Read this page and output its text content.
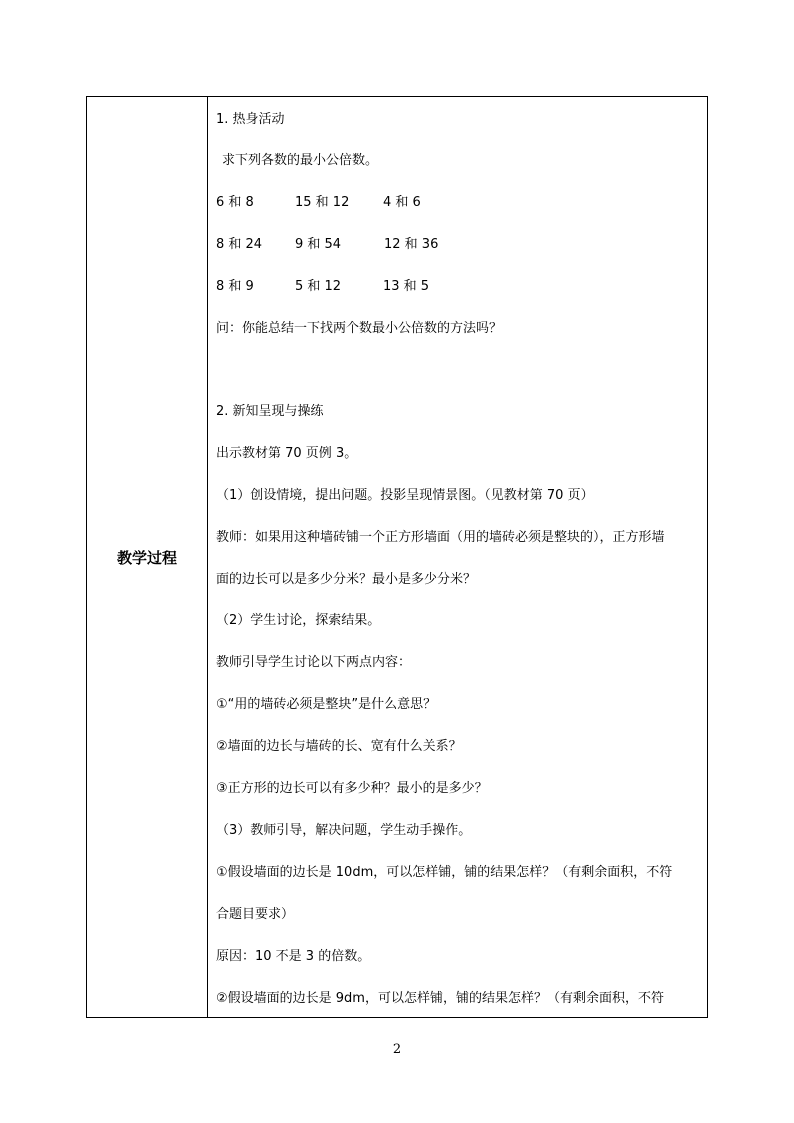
教学过程
1. 热身活动
求下列各数的最小公倍数。
6 和 8	15 和 12	4 和 6
8 和 24	9 和 54	12 和 36
8 和 9	5 和 12	13 和 5
问：你能总结一下找两个数最小公倍数的方法吗？
2. 新知呈现与操练
出示教材第 70 页例 3。
（1）创设情境，提出问题。投影呈现情景图。（见教材第 70 页）
教师：如果用这种墙砖铺一个正方形墙面（用的墙砖必须是整块的），正方形墙
面的边长可以是多少分米？最小是多少分米？
（2）学生讨论，探索结果。
教师引导学生讨论以下两点内容：
①“用的墙砖必须是整块”是什么意思？
②墙面的边长与墙砖的长、宽有什么关系？
③正方形的边长可以有多少种？最小的是多少？
（3）教师引导，解决问题，学生动手操作。
①假设墙面的边长是 10dm，可以怎样铺，铺的结果怎样？（有剩余面积，不符
合题目要求）
原因：10 不是 3 的倍数。
②假设墙面的边长是 9dm，可以怎样铺，铺的结果怎样？（有剩余面积，不符
2
